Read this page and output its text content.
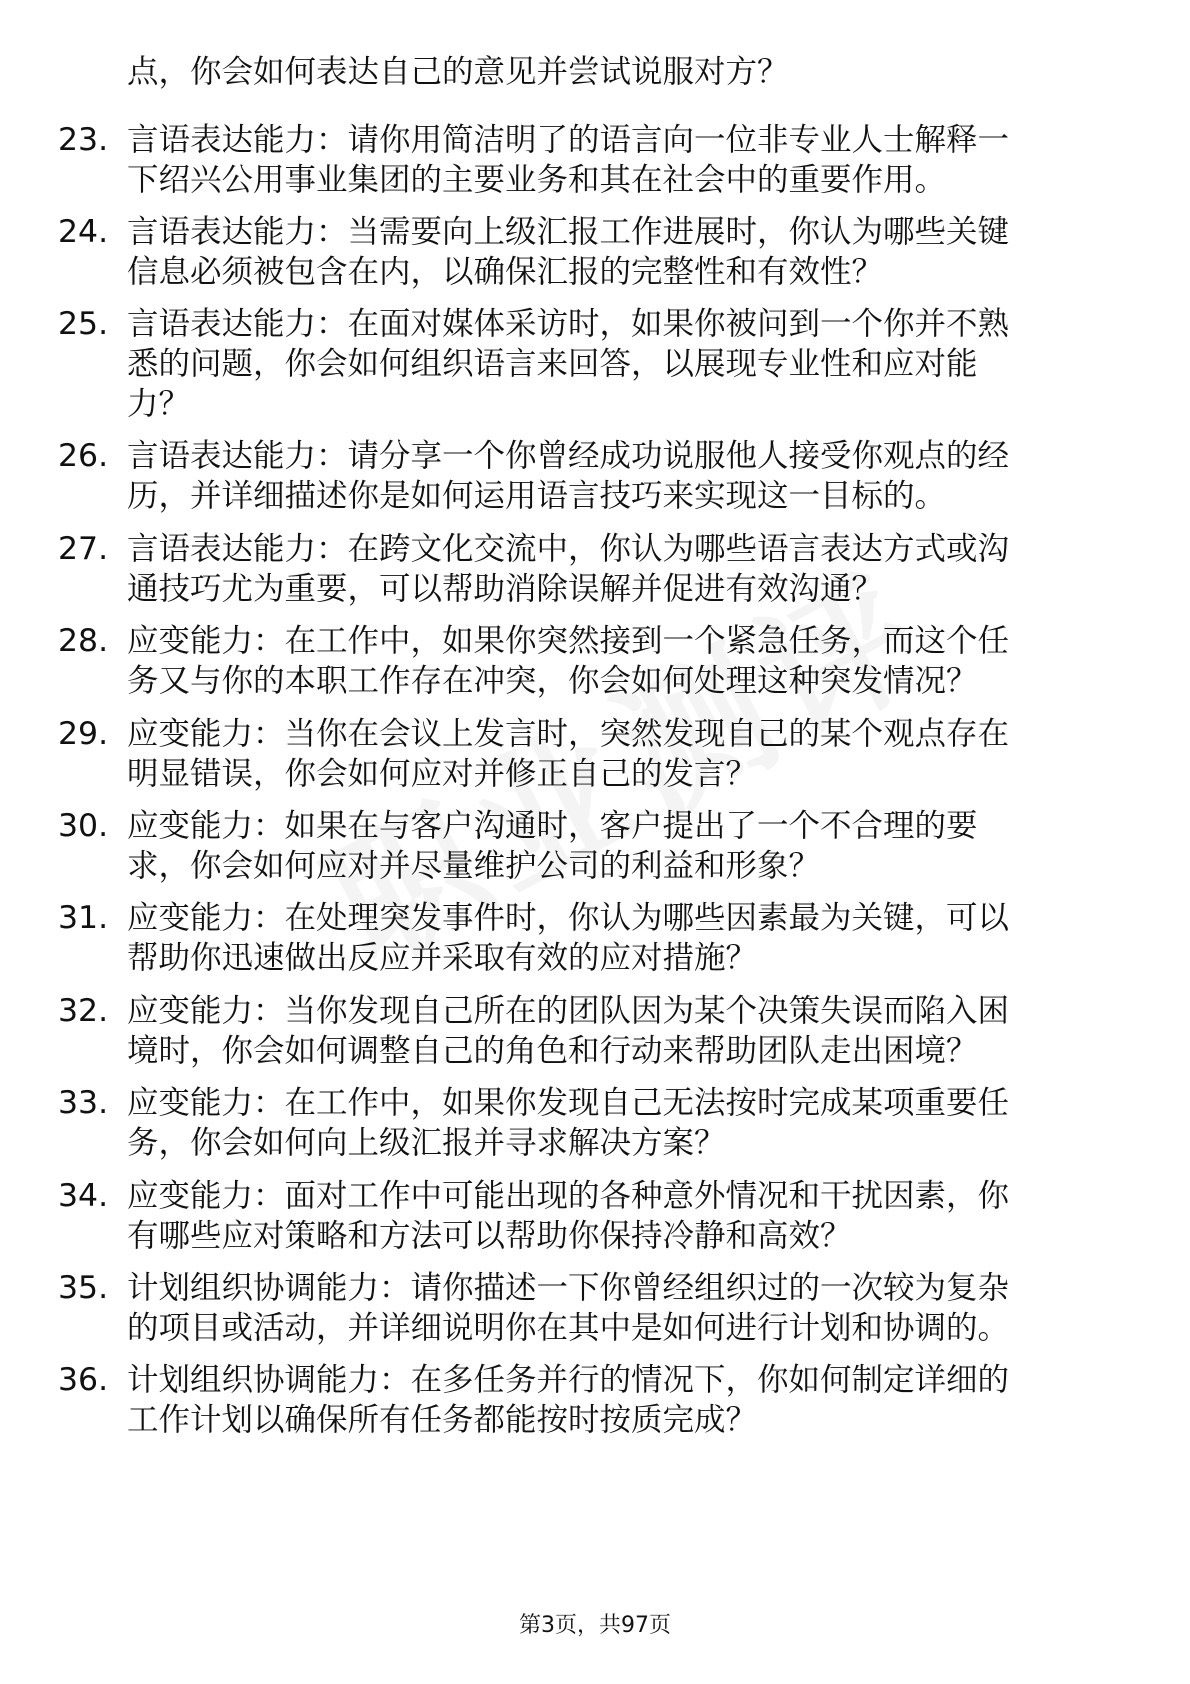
点，你会如何表达自己的意见并尝试说服对方？
23. 言语表达能力：请你用简洁明了的语言向一位非专业人士解释一
下绍兴公用事业集团的主要业务和其在社会中的重要作用。
24. 言语表达能力：当需要向上级汇报工作进展时，你认为哪些关键
信息必须被包含在内，以确保汇报的完整性和有效性？
25. 言语表达能力：在面对媒体采访时，如果你被问到一个你并不熟
悉的问题，你会如何组织语言来回答，以展现专业性和应对能
力？
26. 言语表达能力：请分享一个你曾经成功说服他人接受你观点的经
历，并详细描述你是如何运用语言技巧来实现这一目标的。
27. 言语表达能力：在跨文化交流中，你认为哪些语言表达方式或沟
通技巧尤为重要，可以帮助消除误解并促进有效沟通？
28. 应变能力：在工作中，如果你突然接到一个紧急任务，而这个任
务又与你的本职工作存在冲突，你会如何处理这种突发情况？
29. 应变能力：当你在会议上发言时，突然发现自己的某个观点存在
明显错误，你会如何应对并修正自己的发言？
30. 应变能力：如果在与客户沟通时，客户提出了一个不合理的要
求，你会如何应对并尽量维护公司的利益和形象？
31. 应变能力：在处理突发事件时，你认为哪些因素最为关键，可以
帮助你迅速做出反应并采取有效的应对措施？
32. 应变能力：当你发现自己所在的团队因为某个决策失误而陷入困
境时，你会如何调整自己的角色和行动来帮助团队走出困境？
33. 应变能力：在工作中，如果你发现自己无法按时完成某项重要任
务，你会如何向上级汇报并寻求解决方案？
34. 应变能力：面对工作中可能出现的各种意外情况和干扰因素，你
有哪些应对策略和方法可以帮助你保持冷静和高效？
35. 计划组织协调能力：请你描述一下你曾经组织过的一次较为复杂
的项目或活动，并详细说明你在其中是如何进行计划和协调的。
36. 计划组织协调能力：在多任务并行的情况下，你如何制定详细的
工作计划以确保所有任务都能按时按质完成？
第3页，共97页
